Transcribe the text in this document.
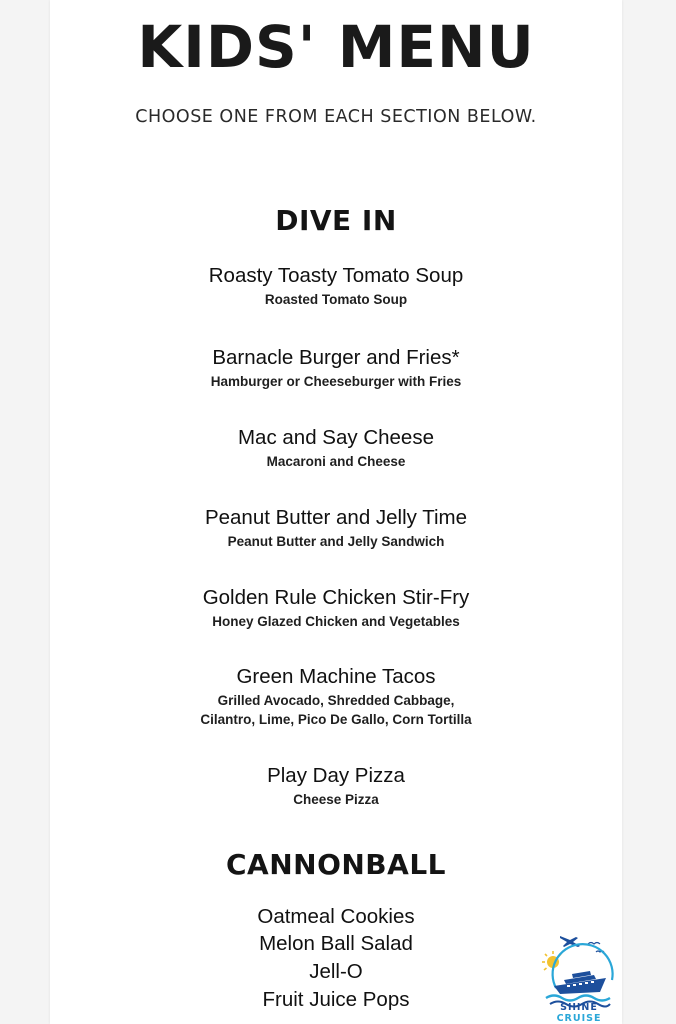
KIDS' MENU
CHOOSE ONE FROM EACH SECTION BELOW.
DIVE IN
Roasty Toasty Tomato Soup
Roasted Tomato Soup
Barnacle Burger and Fries*
Hamburger or Cheeseburger with Fries
Mac and Say Cheese
Macaroni and Cheese
Peanut Butter and Jelly Time
Peanut Butter and Jelly Sandwich
Golden Rule Chicken Stir-Fry
Honey Glazed Chicken and Vegetables
Green Machine Tacos
Grilled Avocado, Shredded Cabbage,
Cilantro, Lime, Pico De Gallo, Corn Tortilla
Play Day Pizza
Cheese Pizza
CANNONBALL
Oatmeal Cookies
Melon Ball Salad
Jell-O
Fruit Juice Pops	SHINE CRUISE
